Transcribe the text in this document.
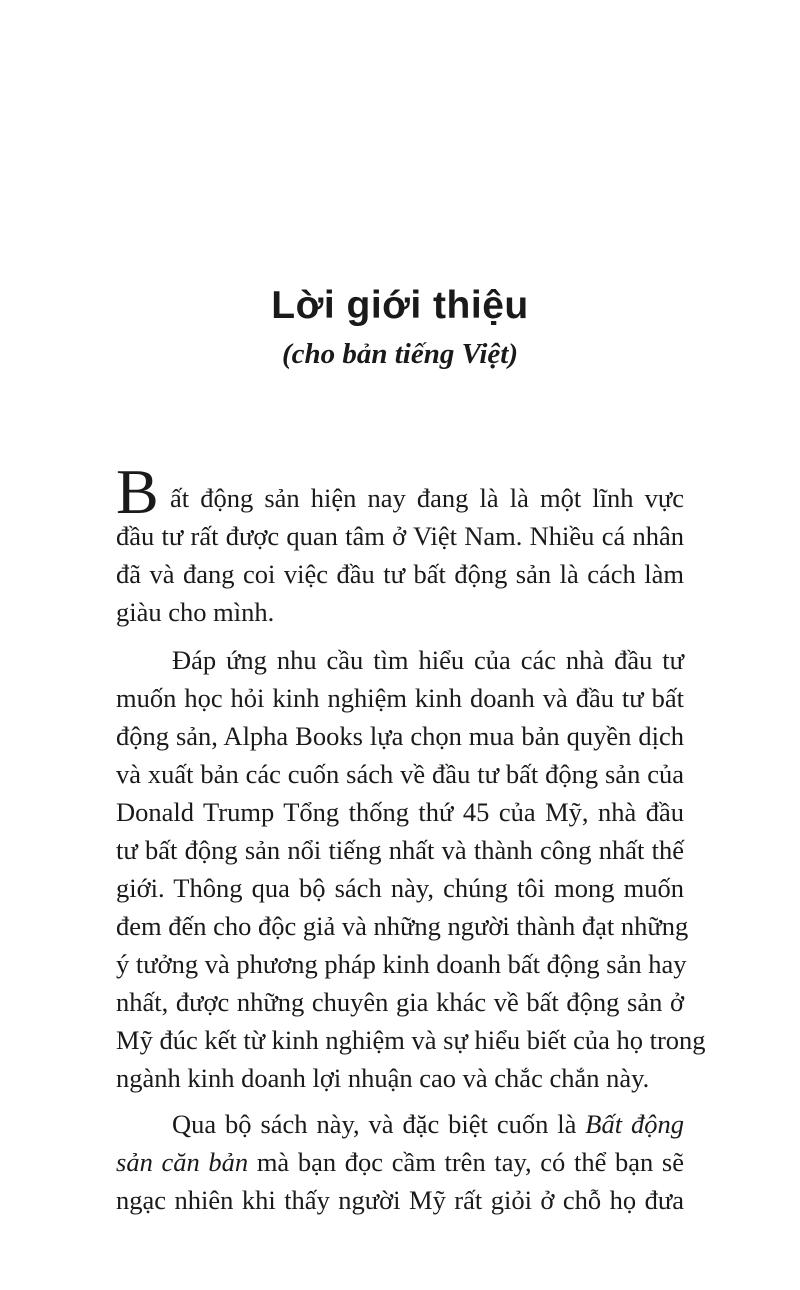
Lời giới thiệu
(cho bản tiếng Việt)
B ất động sản hiện nay đang là là một lĩnh vực
đầu tư rất được quan tâm ở Việt Nam. Nhiều cá nhân
đã và đang coi việc đầu tư bất động sản là cách làm
giàu cho mình.
Đáp ứng nhu cầu tìm hiểu của các nhà đầu tư
muốn học hỏi kinh nghiệm kinh doanh và đầu tư bất
động sản, Alpha Books lựa chọn mua bản quyền dịch
và xuất bản các cuốn sách về đầu tư bất động sản của
Donald Trump Tổng thống thứ 45 của Mỹ, nhà đầu
tư bất động sản nổi tiếng nhất và thành công nhất thế
giới. Thông qua bộ sách này, chúng tôi mong muốn
đem đến cho độc giả và những người thành đạt những
ý tưởng và phương pháp kinh doanh bất động sản hay
nhất, được những chuyên gia khác về bất động sản ở
Mỹ đúc kết từ kinh nghiệm và sự hiểu biết của họ trong
ngành kinh doanh lợi nhuận cao và chắc chắn này.
Qua bộ sách này, và đặc biệt cuốn là Bất động
sản căn bản mà bạn đọc cầm trên tay, có thể bạn sẽ
ngạc nhiên khi thấy người Mỹ rất giỏi ở chỗ họ đưa
